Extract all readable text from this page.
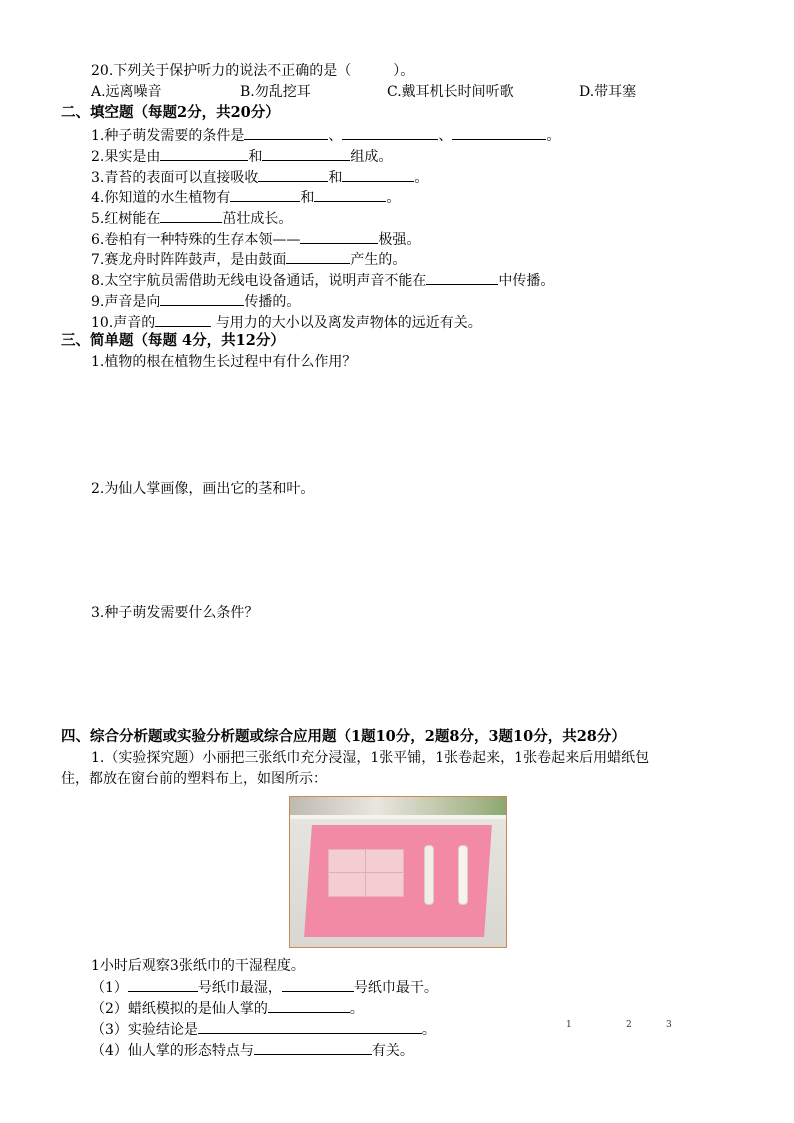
20.下列关于保护听力的说法不正确的是（　　　）。
A.远离噪音	B.勿乱挖耳	C.戴耳机长时间听歌	D.带耳塞
二、填空题（每题2分，共20分）
1.种子萌发需要的条件是	、	、	。
2.果实是由	和	组成。
3.青苔的表面可以直接吸收	和	。
4.你知道的水生植物有	和	。
5.红树能在	茁壮成长。
6.卷柏有一种特殊的生存本领——	极强。
7.赛龙舟时阵阵鼓声，是由鼓面	产生的。
8.太空宇航员需借助无线电设备通话，说明声音不能在	中传播。
9.声音是向	传播的。
10.声音的	与用力的大小以及离发声物体的远近有关。
三、简单题（每题 4分，共12分）
1.植物的根在植物生长过程中有什么作用？
2.为仙人掌画像，画出它的茎和叶。
3.种子萌发需要什么条件？
四、综合分析题或实验分析题或综合应用题（1题10分，2题8分，3题10分，共28分）
1.（实验探究题）小丽把三张纸巾充分浸湿，1张平铺，1张卷起来，1张卷起来后用蜡纸包
住，都放在窗台前的塑料布上，如图所示：
1小时后观察3张纸巾的干湿程度。
（1）	号纸巾最湿，	号纸巾最干。
（2）蜡纸模拟的是仙人掌的	。
（3）实验结论是	。	1	2	3
（4）仙人掌的形态特点与	有关。
